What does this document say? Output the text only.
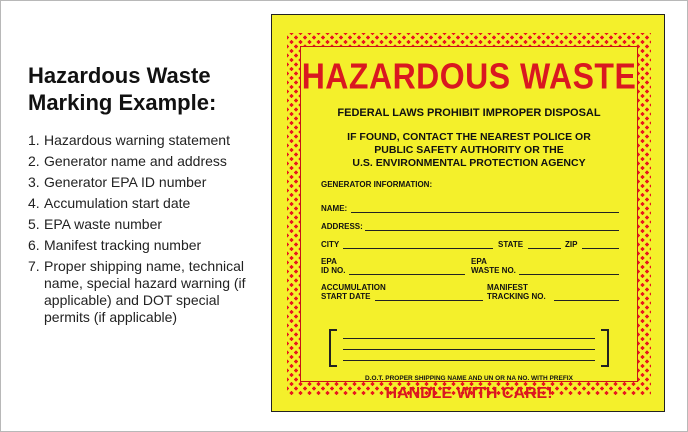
Hazardous Waste
Marking Example:
1. Hazardous warning statement
2. Generator name and address
3. Generator EPA ID number
4. Accumulation start date
5. EPA waste number
6. Manifest tracking number
7. Proper shipping name, technical name, special hazard warning (if applicable) and DOT special permits (if applicable)
HAZARDOUS WASTE
FEDERAL LAWS PROHIBIT IMPROPER DISPOSAL
IF FOUND, CONTACT THE NEAREST POLICE OR
PUBLIC SAFETY AUTHORITY OR THE
U.S. ENVIRONMENTAL PROTECTION AGENCY
GENERATOR INFORMATION:
NAME:
ADDRESS:
CITY	STATE	ZIP
EPA
ID NO.
EPA
WASTE NO.
ACCUMULATION
START DATE
MANIFEST
TRACKING NO.
D.O.T. PROPER SHIPPING NAME AND UN OR NA NO. WITH PREFIX
HANDLE WITH CARE!
